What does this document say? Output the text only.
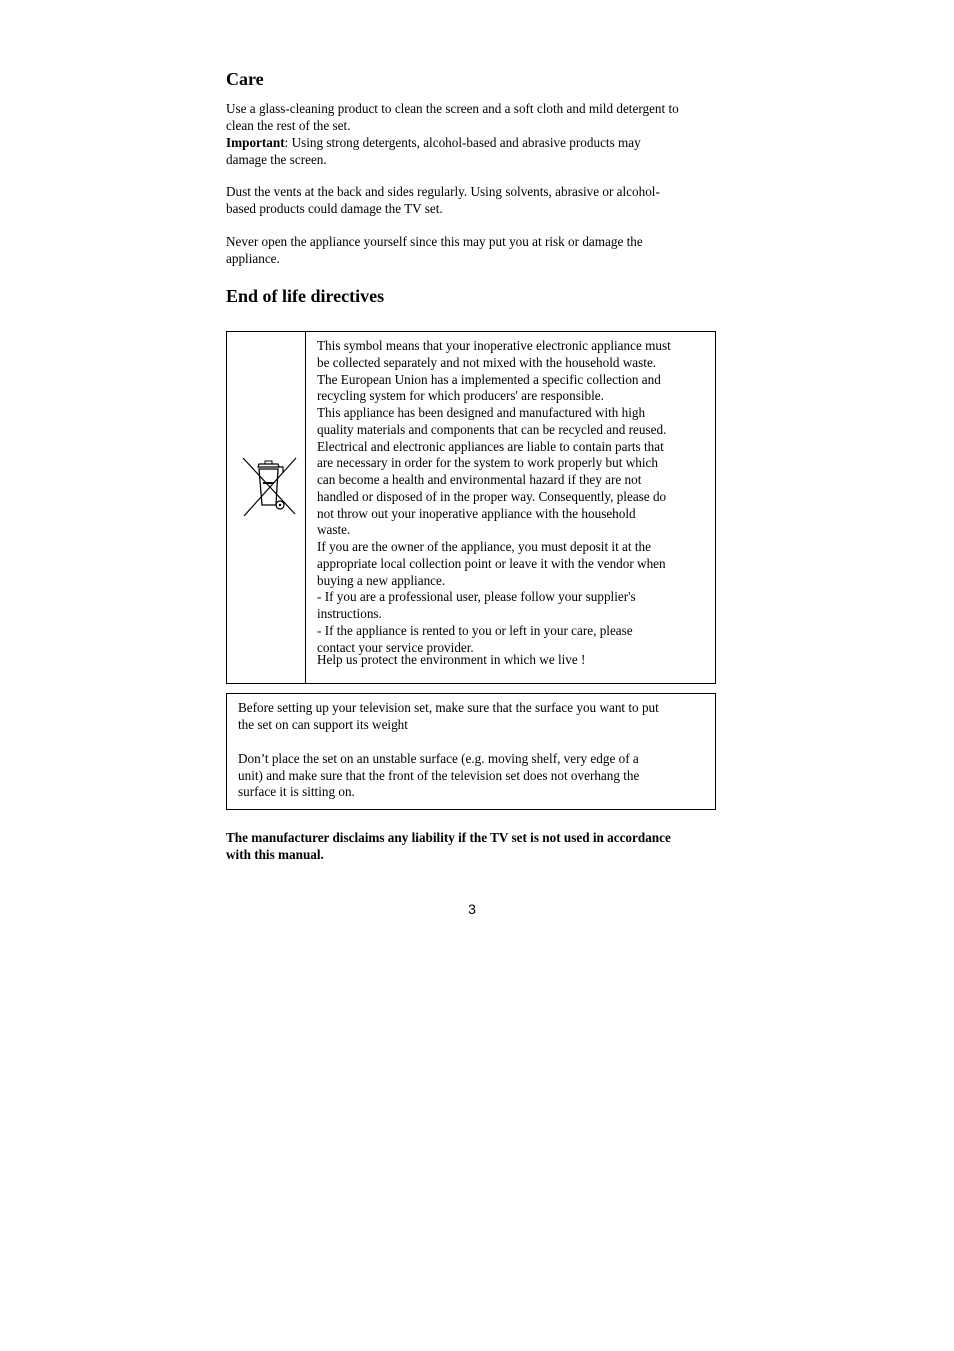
Care

Use a glass-cleaning product to clean the screen and a soft cloth and mild detergent to
clean the rest of the set.

Important: Using strong detergents, alcohol-based and abrasive products may
damage the screen.

Dust the vents at the back and sides regularly. Using solvents, abrasive or alcohol-
based products could damage the TV set.

Never open the appliance yourself since this may put you at risk or damage the
appliance.

End of life directives

This symbol means that your inoperative electronic appliance must
be collected separately and not mixed with the household waste.
The European Union has a implemented a specific collection and
recycling system for which producers' are responsible.
This appliance has been designed and manufactured with high
quality materials and components that can be recycled and reused.
Electrical and electronic appliances are liable to contain parts that
are necessary in order for the system to work properly but which
can become a health and environmental hazard if they are not
handled or disposed of in the proper way. Consequently, please do
not throw out your inoperative appliance with the household
waste.
If you are the owner of the appliance, you must deposit it at the
appropriate local collection point or leave it with the vendor when
buying a new appliance.
- If you are a professional user, please follow your supplier's
instructions.
- If the appliance is rented to you or left in your care, please
contact your service provider.

Help us protect the environment in which we live !

Before setting up your television set, make sure that the surface you want to put
the set on can support its weight

Don’t place the set on an unstable surface (e.g. moving shelf, very edge of a
unit) and make sure that the front of the television set does not overhang the
surface it is sitting on.

The manufacturer disclaims any liability if the TV set is not used in accordance
with this manual.

3
